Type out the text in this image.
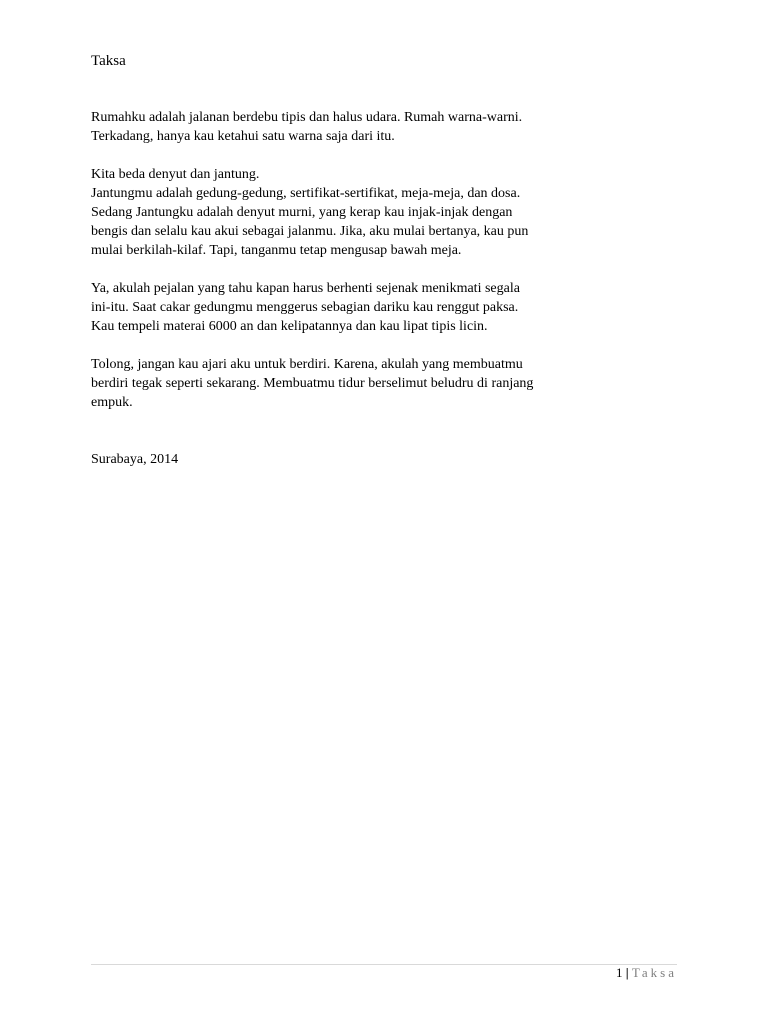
Taksa

Rumahku adalah jalanan berdebu tipis dan halus udara. Rumah warna-warni.
Terkadang, hanya kau ketahui satu warna saja dari itu.

Kita beda denyut dan jantung.
Jantungmu adalah gedung-gedung, sertifikat-sertifikat, meja-meja, dan dosa.
Sedang Jantungku adalah denyut murni, yang kerap kau injak-injak dengan
bengis dan selalu kau akui sebagai jalanmu. Jika, aku mulai bertanya, kau pun
mulai berkilah-kilaf. Tapi, tanganmu tetap mengusap bawah meja.

Ya, akulah pejalan yang tahu kapan harus berhenti sejenak menikmati segala
ini-itu. Saat cakar gedungmu menggerus sebagian dariku kau renggut paksa.
Kau tempeli materai 6000 an dan kelipatannya dan kau lipat tipis licin.

Tolong, jangan kau ajari aku untuk berdiri. Karena, akulah yang membuatmu
berdiri tegak seperti sekarang. Membuatmu tidur berselimut beludru di ranjang
empuk.

Surabaya, 2014
1 | Taksa
